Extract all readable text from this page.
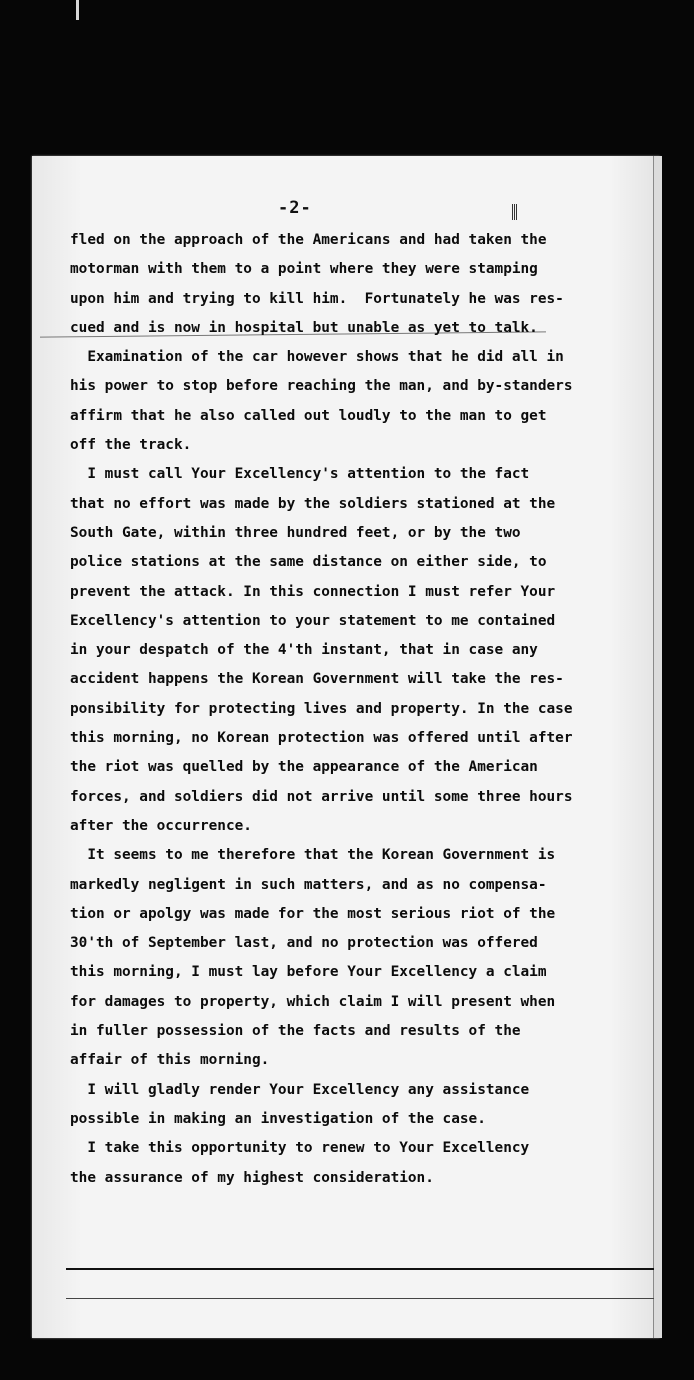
-2-
fled on the approach of the Americans and had taken the
motorman with them to a point where they were stamping
upon him and trying to kill him.  Fortunately he was res-
cued and is now in hospital but unable as yet to talk.
Examination of the car however shows that he did all in
his power to stop before reaching the man, and by-standers
affirm that he also called out loudly to the man to get
off the track.
I must call Your Excellency's attention to the fact
that no effort was made by the soldiers stationed at the
South Gate, within three hundred feet, or by the two
police stations at the same distance on either side, to
prevent the attack. In this connection I must refer Your
Excellency's attention to your statement to me contained
in your despatch of the 4'th instant, that in case any
accident happens the Korean Government will take the res-
ponsibility for protecting lives and property. In the case
this morning, no Korean protection was offered until after
the riot was quelled by the appearance of the American
forces, and soldiers did not arrive until some three hours
after the occurrence.
It seems to me therefore that the Korean Government is
markedly negligent in such matters, and as no compensa-
tion or apolgy was made for the most serious riot of the
30'th of September last, and no protection was offered
this morning, I must lay before Your Excellency a claim
for damages to property, which claim I will present when
in fuller possession of the facts and results of the
affair of this morning.
I will gladly render Your Excellency any assistance
possible in making an investigation of the case.
I take this opportunity to renew to Your Excellency
the assurance of my highest consideration.
